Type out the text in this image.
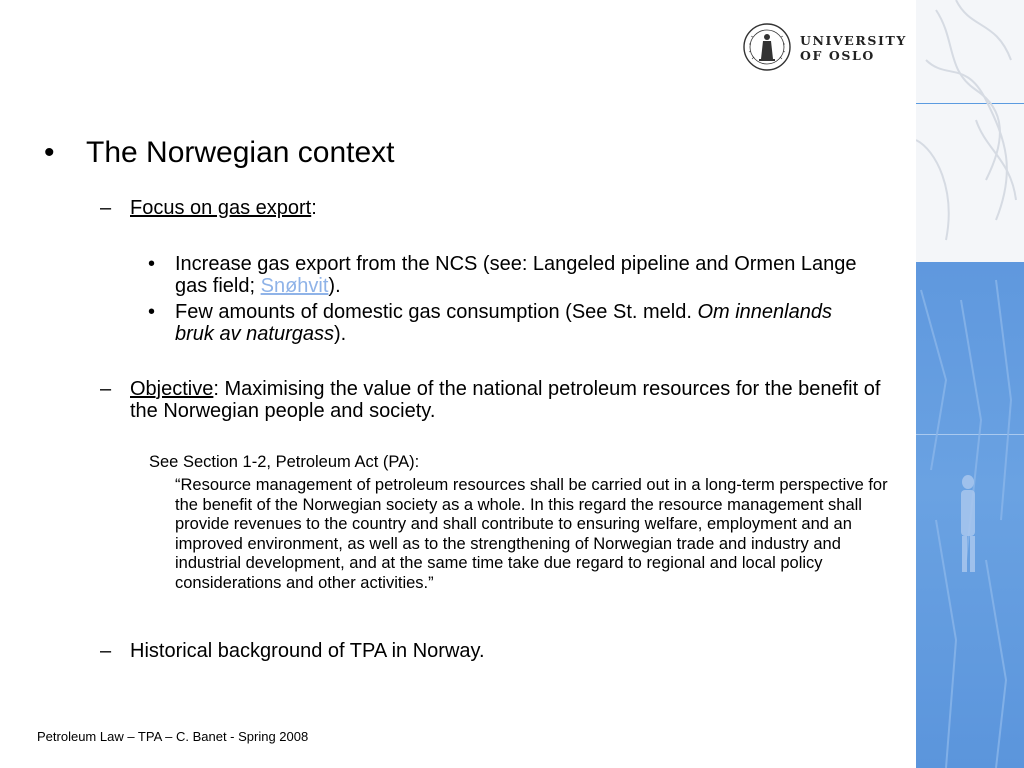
UNIVERSITY
OF OSLO
•	The Norwegian context
– Focus on gas export:
• Increase gas export from the NCS (see: Langeled pipeline and Ormen Lange gas field; Snøhvit).
• Few amounts of domestic gas consumption (See St. meld. Om innenlands bruk av naturgass).
– Objective: Maximising the value of the national petroleum resources for the benefit of the Norwegian people and society.
See Section 1-2, Petroleum Act (PA):
“Resource management of petroleum resources shall be carried out in a long-term perspective for the benefit of the Norwegian society as a whole. In this regard the resource management shall provide revenues to the country and shall contribute to ensuring welfare, employment and an improved environment, as well as to the strengthening of Norwegian trade and industry and industrial development, and at the same time take due regard to regional and local policy considerations and other activities.”
– Historical background of TPA in Norway.
Petroleum Law – TPA – C. Banet - Spring 2008
